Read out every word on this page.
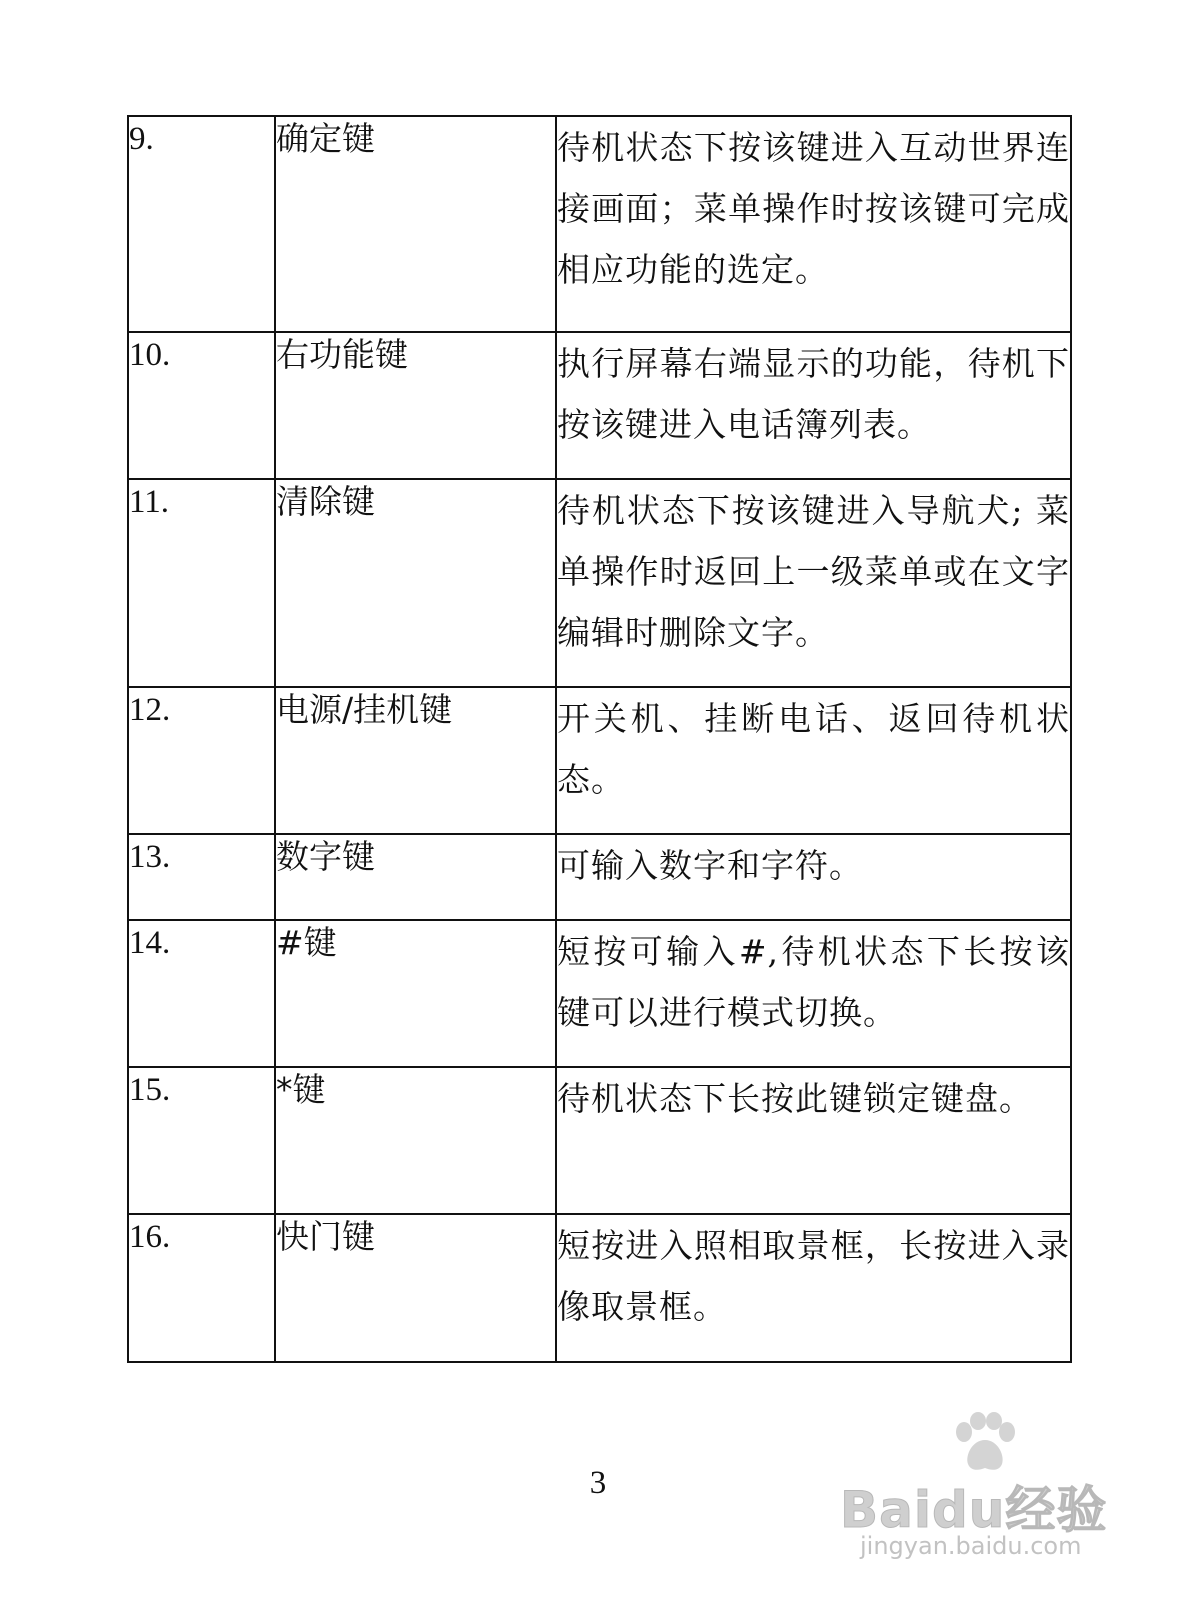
9.	确定键	待机状态下按该键进入互动世界连接画面；菜单操作时按该键可完成相应功能的选定。
10.	右功能键	执行屏幕右端显示的功能，待机下按该键进入电话簿列表。
11.	清除键	待机状态下按该键进入导航犬; 菜单操作时返回上一级菜单或在文字编辑时删除文字。
12.	电源/挂机键	开关机、挂断电话、返回待机状态。
13.	数字键	可输入数字和字符。
14.	#键	短按可输入#,待机状态下长按该键可以进行模式切换。
15.	*键	待机状态下长按此键锁定键盘。
16.	快门键	短按进入照相取景框，长按进入录像取景框。
3	Baidu经验
jingyan.baidu.com
